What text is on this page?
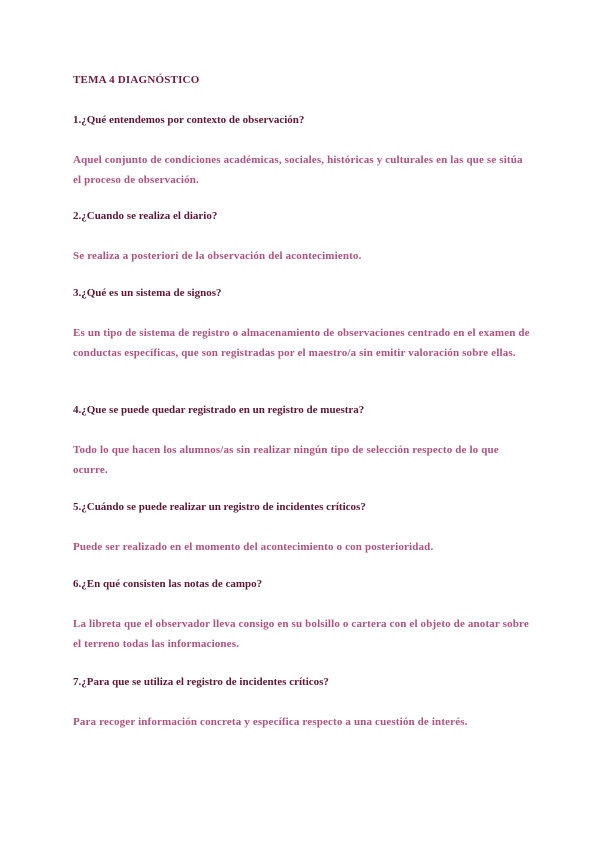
TEMA 4 DIAGNÓSTICO

1.¿Qué entendemos por contexto de observación?

Aquel conjunto de condiciones académicas, sociales, históricas y culturales en las que se sitúa el proceso de observación.

2.¿Cuando se realiza el diario?

Se realiza a posteriori de la observación del acontecimiento.

3.¿Qué es un sistema de signos?

Es un tipo de sistema de registro o almacenamiento de observaciones centrado en el examen de conductas específicas, que son registradas por el maestro/a sin emitir valoración sobre ellas.

4.¿Que se puede quedar registrado en un registro de muestra?

Todo lo que hacen los alumnos/as sin realizar ningún tipo de selección respecto de lo que ocurre.

5.¿Cuándo se puede realizar un registro de incidentes críticos?

Puede ser realizado en el momento del acontecimiento o con posterioridad.

6.¿En qué consisten las notas de campo?

La libreta que el observador lleva consigo en su bolsillo o cartera con el objeto de anotar sobre el terreno todas las informaciones.

7.¿Para que se utiliza el registro de incidentes críticos?

Para recoger información concreta y específica respecto a una cuestión de interés.
